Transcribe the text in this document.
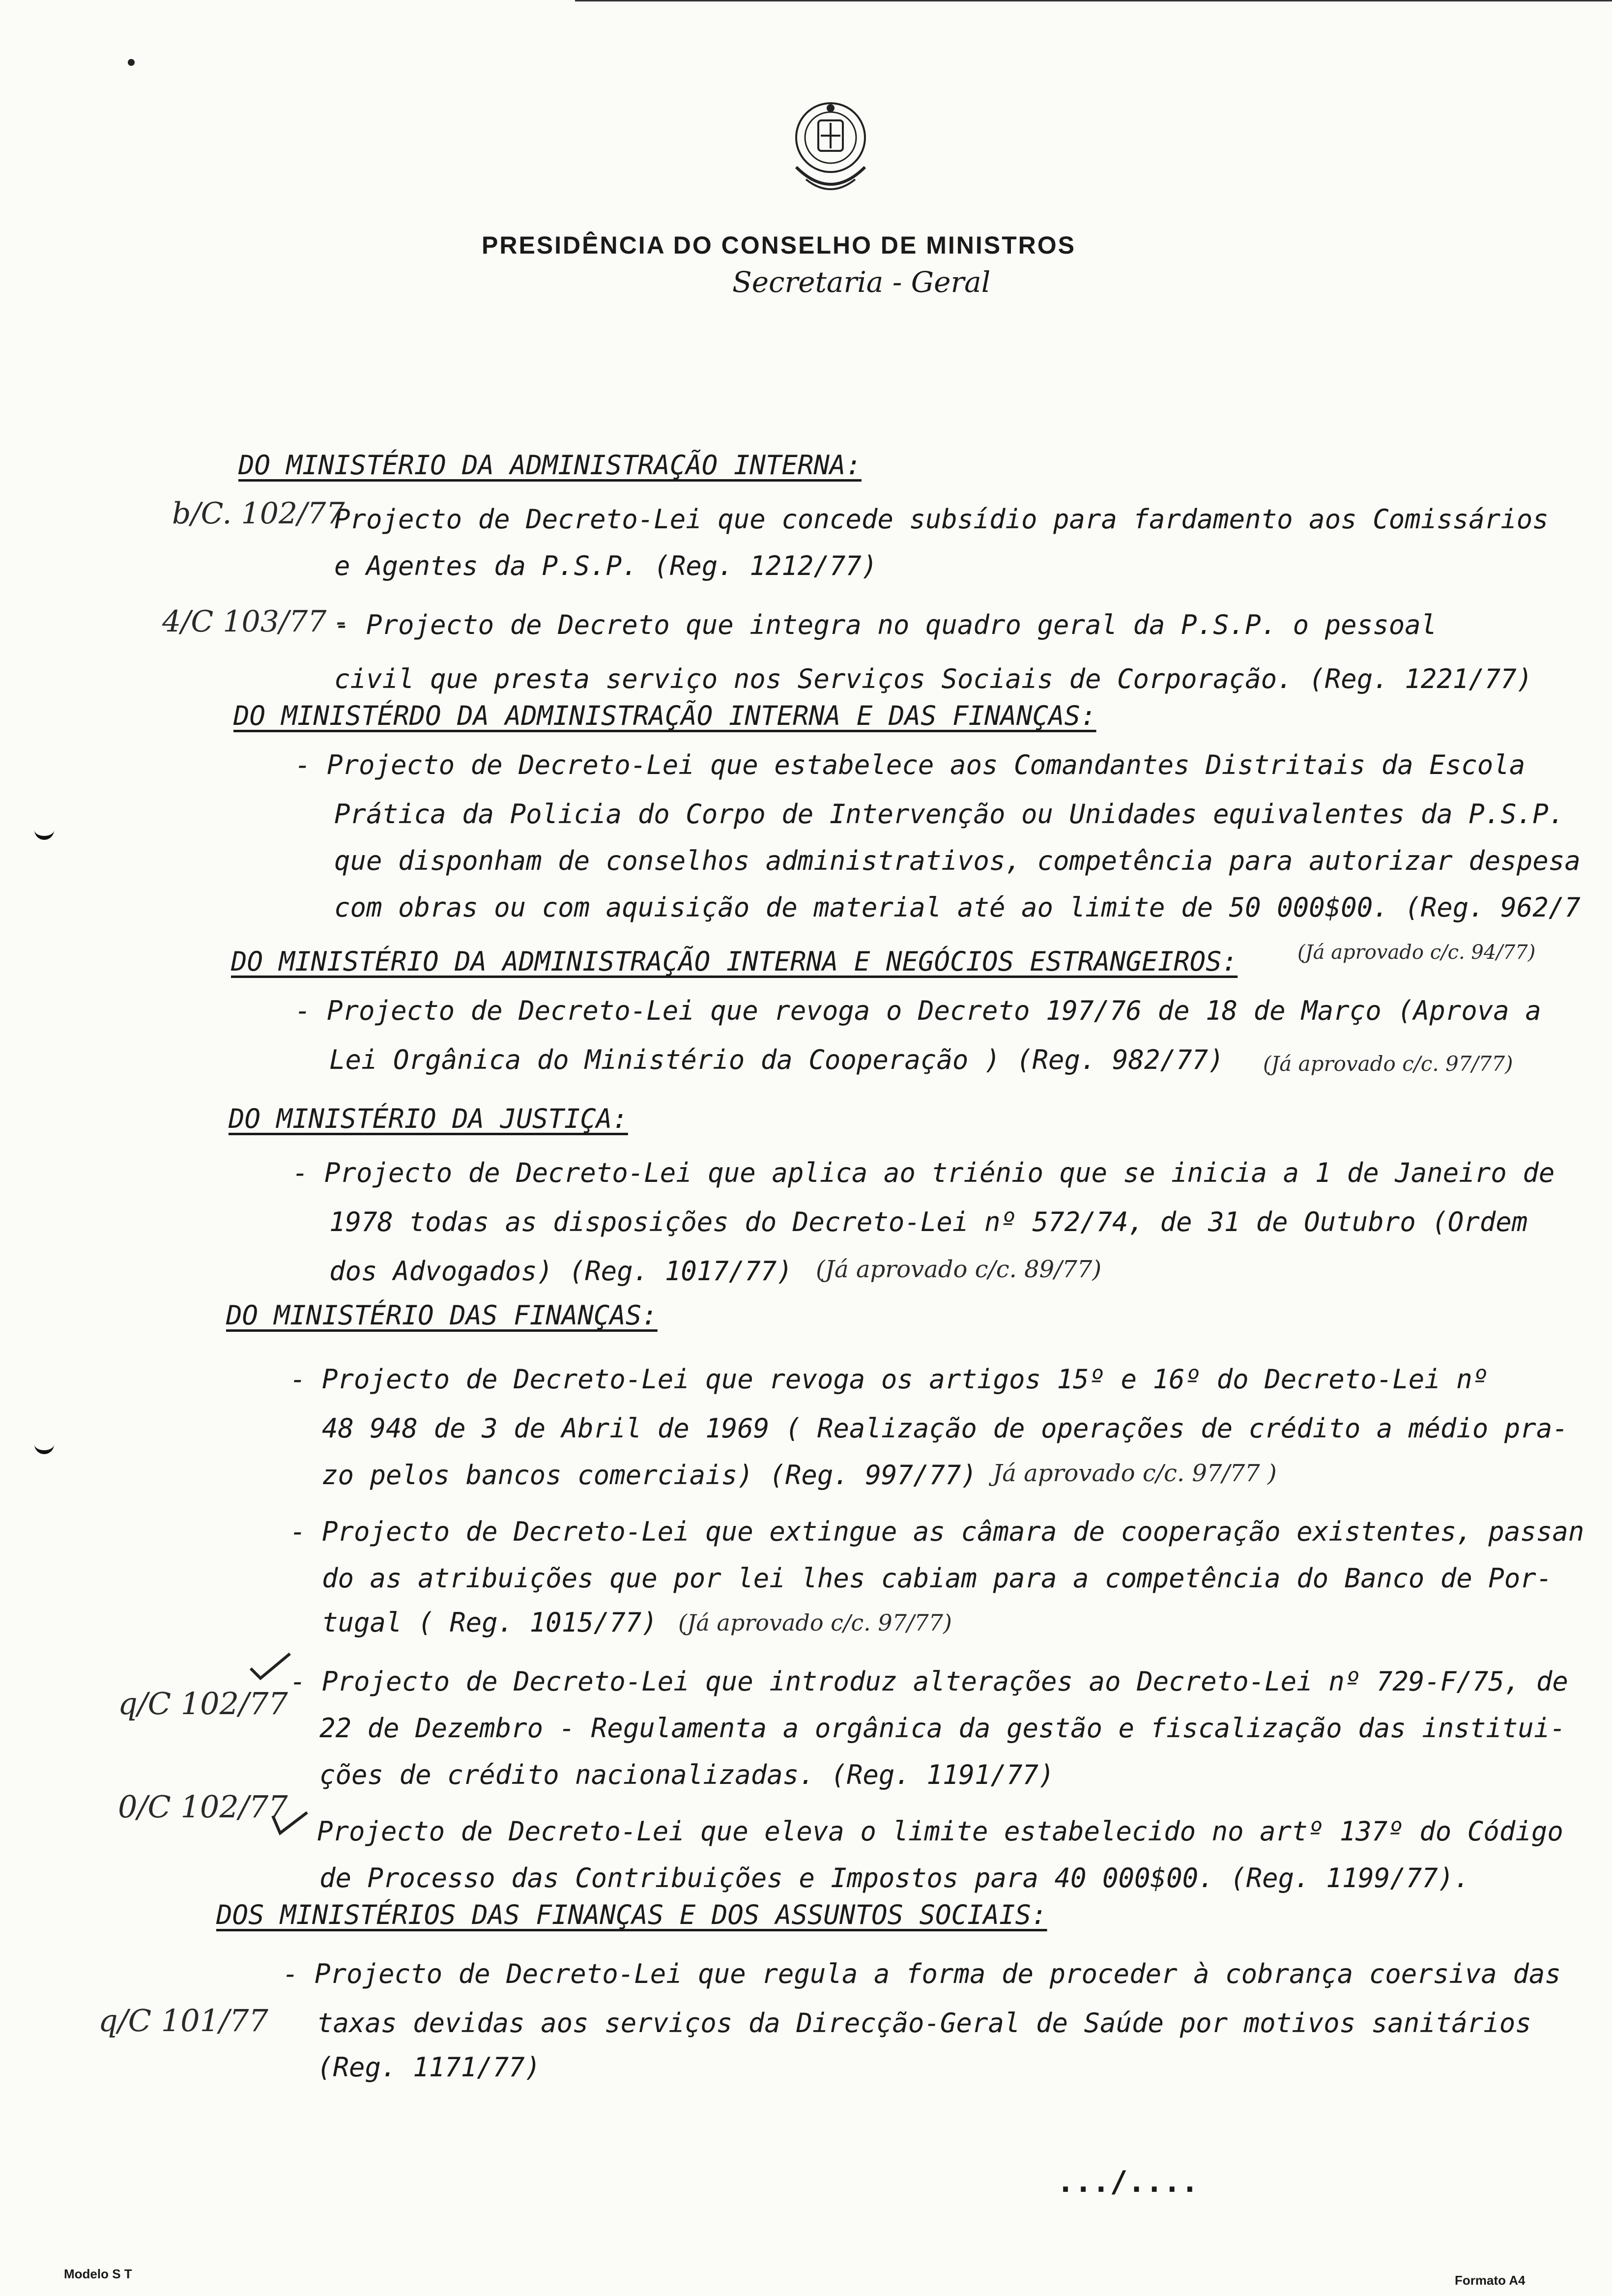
PRESIDÊNCIA DO CONSELHO DE MINISTROS
Secretaria - Geral
DO MINISTÉRIO DA ADMINISTRAÇÃO INTERNA:
Projecto de Decreto-Lei que concede subsídio para fardamento aos Comissários
e Agentes da P.S.P. (Reg. 1212/77)
- Projecto de Decreto que integra no quadro geral da P.S.P. o pessoal
civil que presta serviço nos Serviços Sociais de Corporação. (Reg. 1221/77)
DO MINISTÉRDO DA ADMINISTRAÇÃO INTERNA E DAS FINANÇAS:
- Projecto de Decreto-Lei que estabelece aos Comandantes Distritais da Escola
Prática da Policia do Corpo de Intervenção ou Unidades equivalentes da P.S.P.
que disponham de conselhos administrativos, competência para autorizar despesa
com obras ou com aquisição de material até ao limite de 50 000$00. (Reg. 962/7
DO MINISTÉRIO DA ADMINISTRAÇÃO INTERNA E NEGÓCIOS ESTRANGEIROS:
- Projecto de Decreto-Lei que revoga o Decreto 197/76 de 18 de Março (Aprova a
Lei Orgânica do Ministério da Cooperação ) (Reg. 982/77)
DO MINISTÉRIO DA JUSTIÇA:
- Projecto de Decreto-Lei que aplica ao triénio que se inicia a 1 de Janeiro de
1978 todas as disposições do Decreto-Lei nº 572/74, de 31 de Outubro (Ordem
dos Advogados) (Reg. 1017/77)
DO MINISTÉRIO DAS FINANÇAS:
- Projecto de Decreto-Lei que revoga os artigos 15º e 16º do Decreto-Lei nº
48 948 de 3 de Abril de 1969 ( Realização de operações de crédito a médio pra-
zo pelos bancos comerciais) (Reg. 997/77)
- Projecto de Decreto-Lei que extingue as câmara de cooperação existentes, passan
do as atribuições que por lei lhes cabiam para a competência do Banco de Por-
tugal ( Reg. 1015/77)
- Projecto de Decreto-Lei que introduz alterações ao Decreto-Lei nº 729-F/75, de
22 de Dezembro - Regulamenta a orgânica da gestão e fiscalização das institui-
ções de crédito nacionalizadas. (Reg. 1191/77)
Projecto de Decreto-Lei que eleva o limite estabelecido no artº 137º do Código
de Processo das Contribuições e Impostos para 40 000$00. (Reg. 1199/77).
DOS MINISTÉRIOS DAS FINANÇAS E DOS ASSUNTOS SOCIAIS:
- Projecto de Decreto-Lei que regula a forma de proceder à cobrança coersiva das
taxas devidas aos serviços da Direcção-Geral de Saúde por motivos sanitários
(Reg. 1171/77)
b/C. 102/77
4/C 103/77 -
(Já aprovado c/c. 94/77)
(Já aprovado c/c. 97/77)
(Já aprovado c/c. 89/77)
Já aprovado c/c. 97/77 )
(Já aprovado c/c. 97/77)
q/C 102/77
0/C 102/77
q/C 101/77
.../....
Modelo S T	Formato A4
